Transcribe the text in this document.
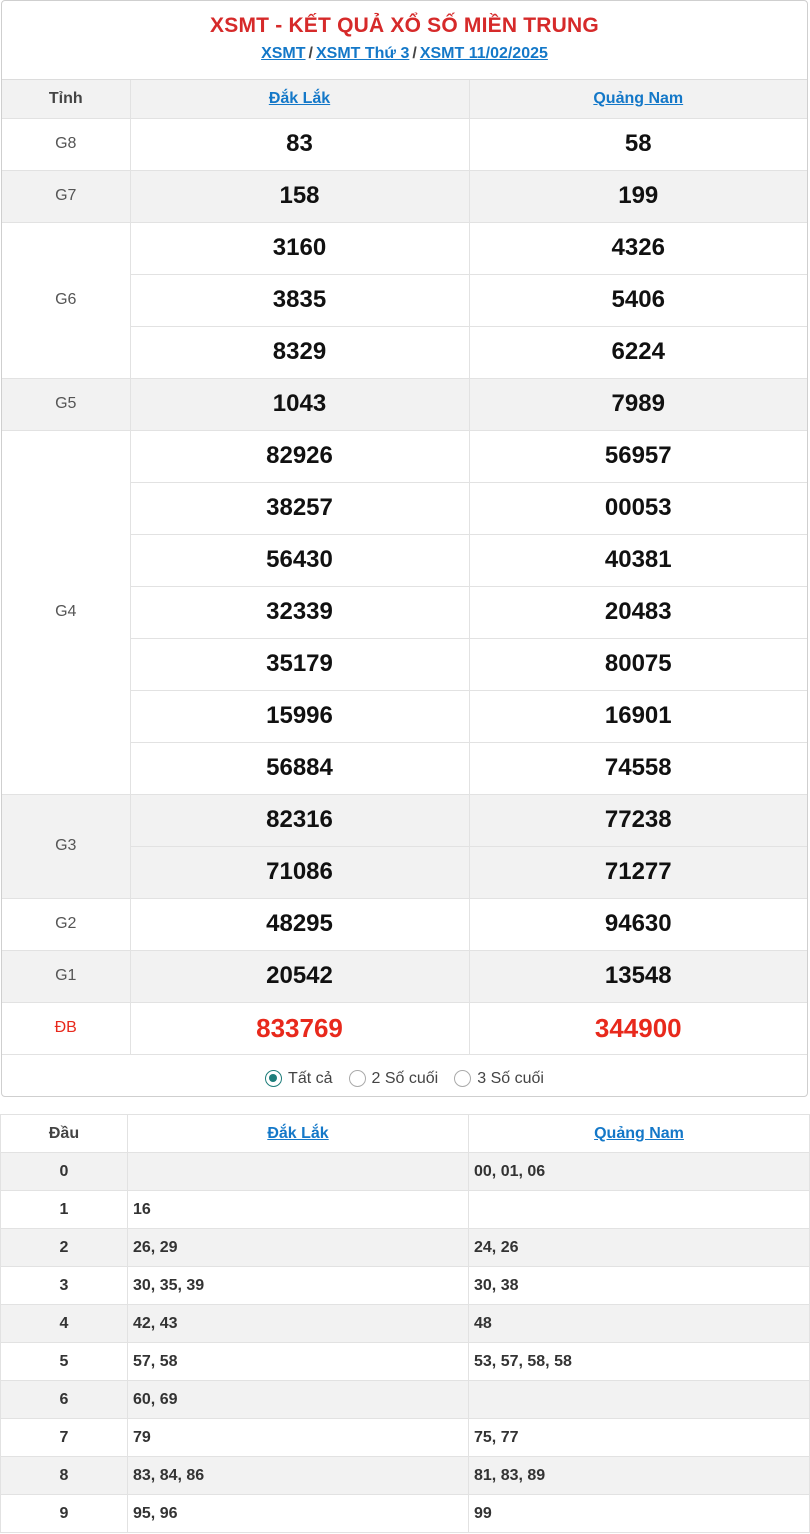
XSMT - KẾT QUẢ XỔ SỐ MIỀN TRUNG
XSMT / XSMT Thứ 3 / XSMT 11/02/2025
Tỉnh	Đắk Lắk	Quảng Nam
G8	83	58
G7	158	199
G6	3160	4326
	3835	5406
	8329	6224
G5	1043	7989
G4	82926	56957
	38257	00053
	56430	40381
	32339	20483
	35179	80075
	15996	16901
	56884	74558
G3	82316	77238
	71086	71277
G2	48295	94630
G1	20542	13548
ĐB	833769	344900
Tất cả 2 Số cuối 3 Số cuối
Đầu	Đắk Lắk	Quảng Nam
0		00, 01, 06
1	16	
2	26, 29	24, 26
3	30, 35, 39	30, 38
4	42, 43	48
5	57, 58	53, 57, 58, 58
6	60, 69	
7	79	75, 77
8	83, 84, 86	81, 83, 89
9	95, 96	99
